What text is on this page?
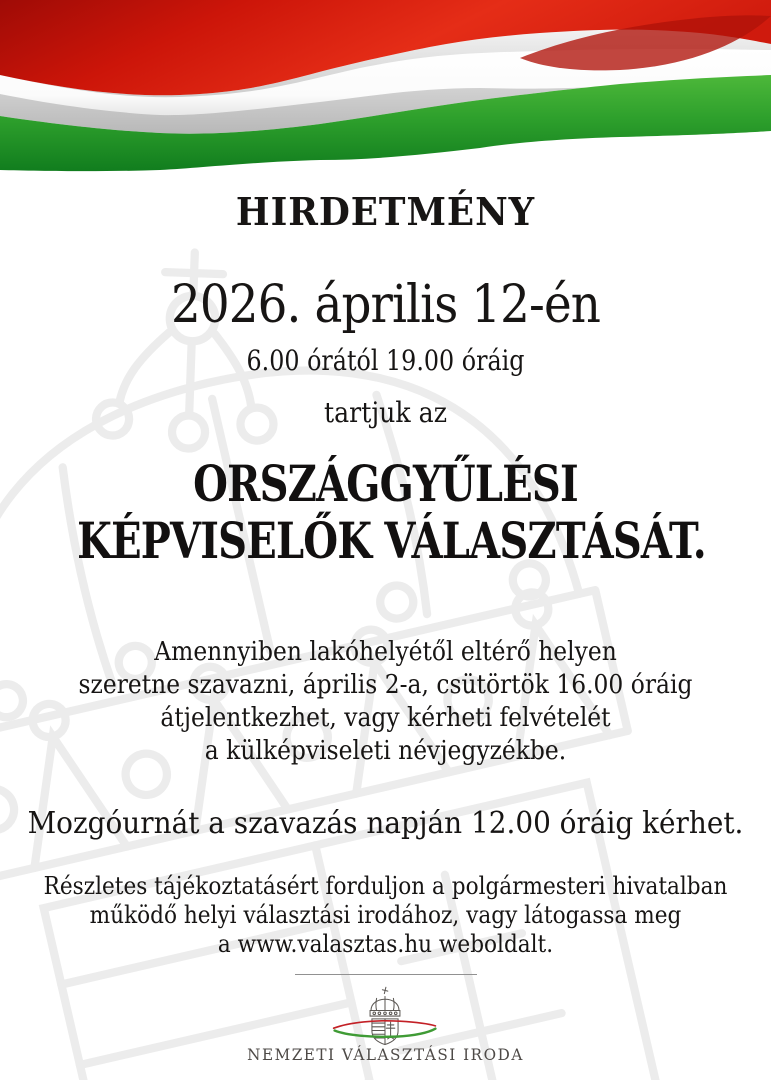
HIRDETMÉNY
2026. április 12-én
6.00 órától 19.00 óráig
tartjuk az
ORSZÁGGYŰLÉSI
KÉPVISELŐK VÁLASZTÁSÁT.
Amennyiben lakóhelyétől eltérő helyen
szeretne szavazni, április 2-a, csütörtök 16.00 óráig
átjelentkezhet, vagy kérheti felvételét
a külképviseleti névjegyzékbe.
Mozgóurnát a szavazás napján 12.00 óráig kérhet.
Részletes tájékoztatásért forduljon a polgármesteri hivatalban
működő helyi választási irodához, vagy látogassa meg
a www.valasztas.hu weboldalt.
NEMZETI VÁLASZTÁSI IRODA
